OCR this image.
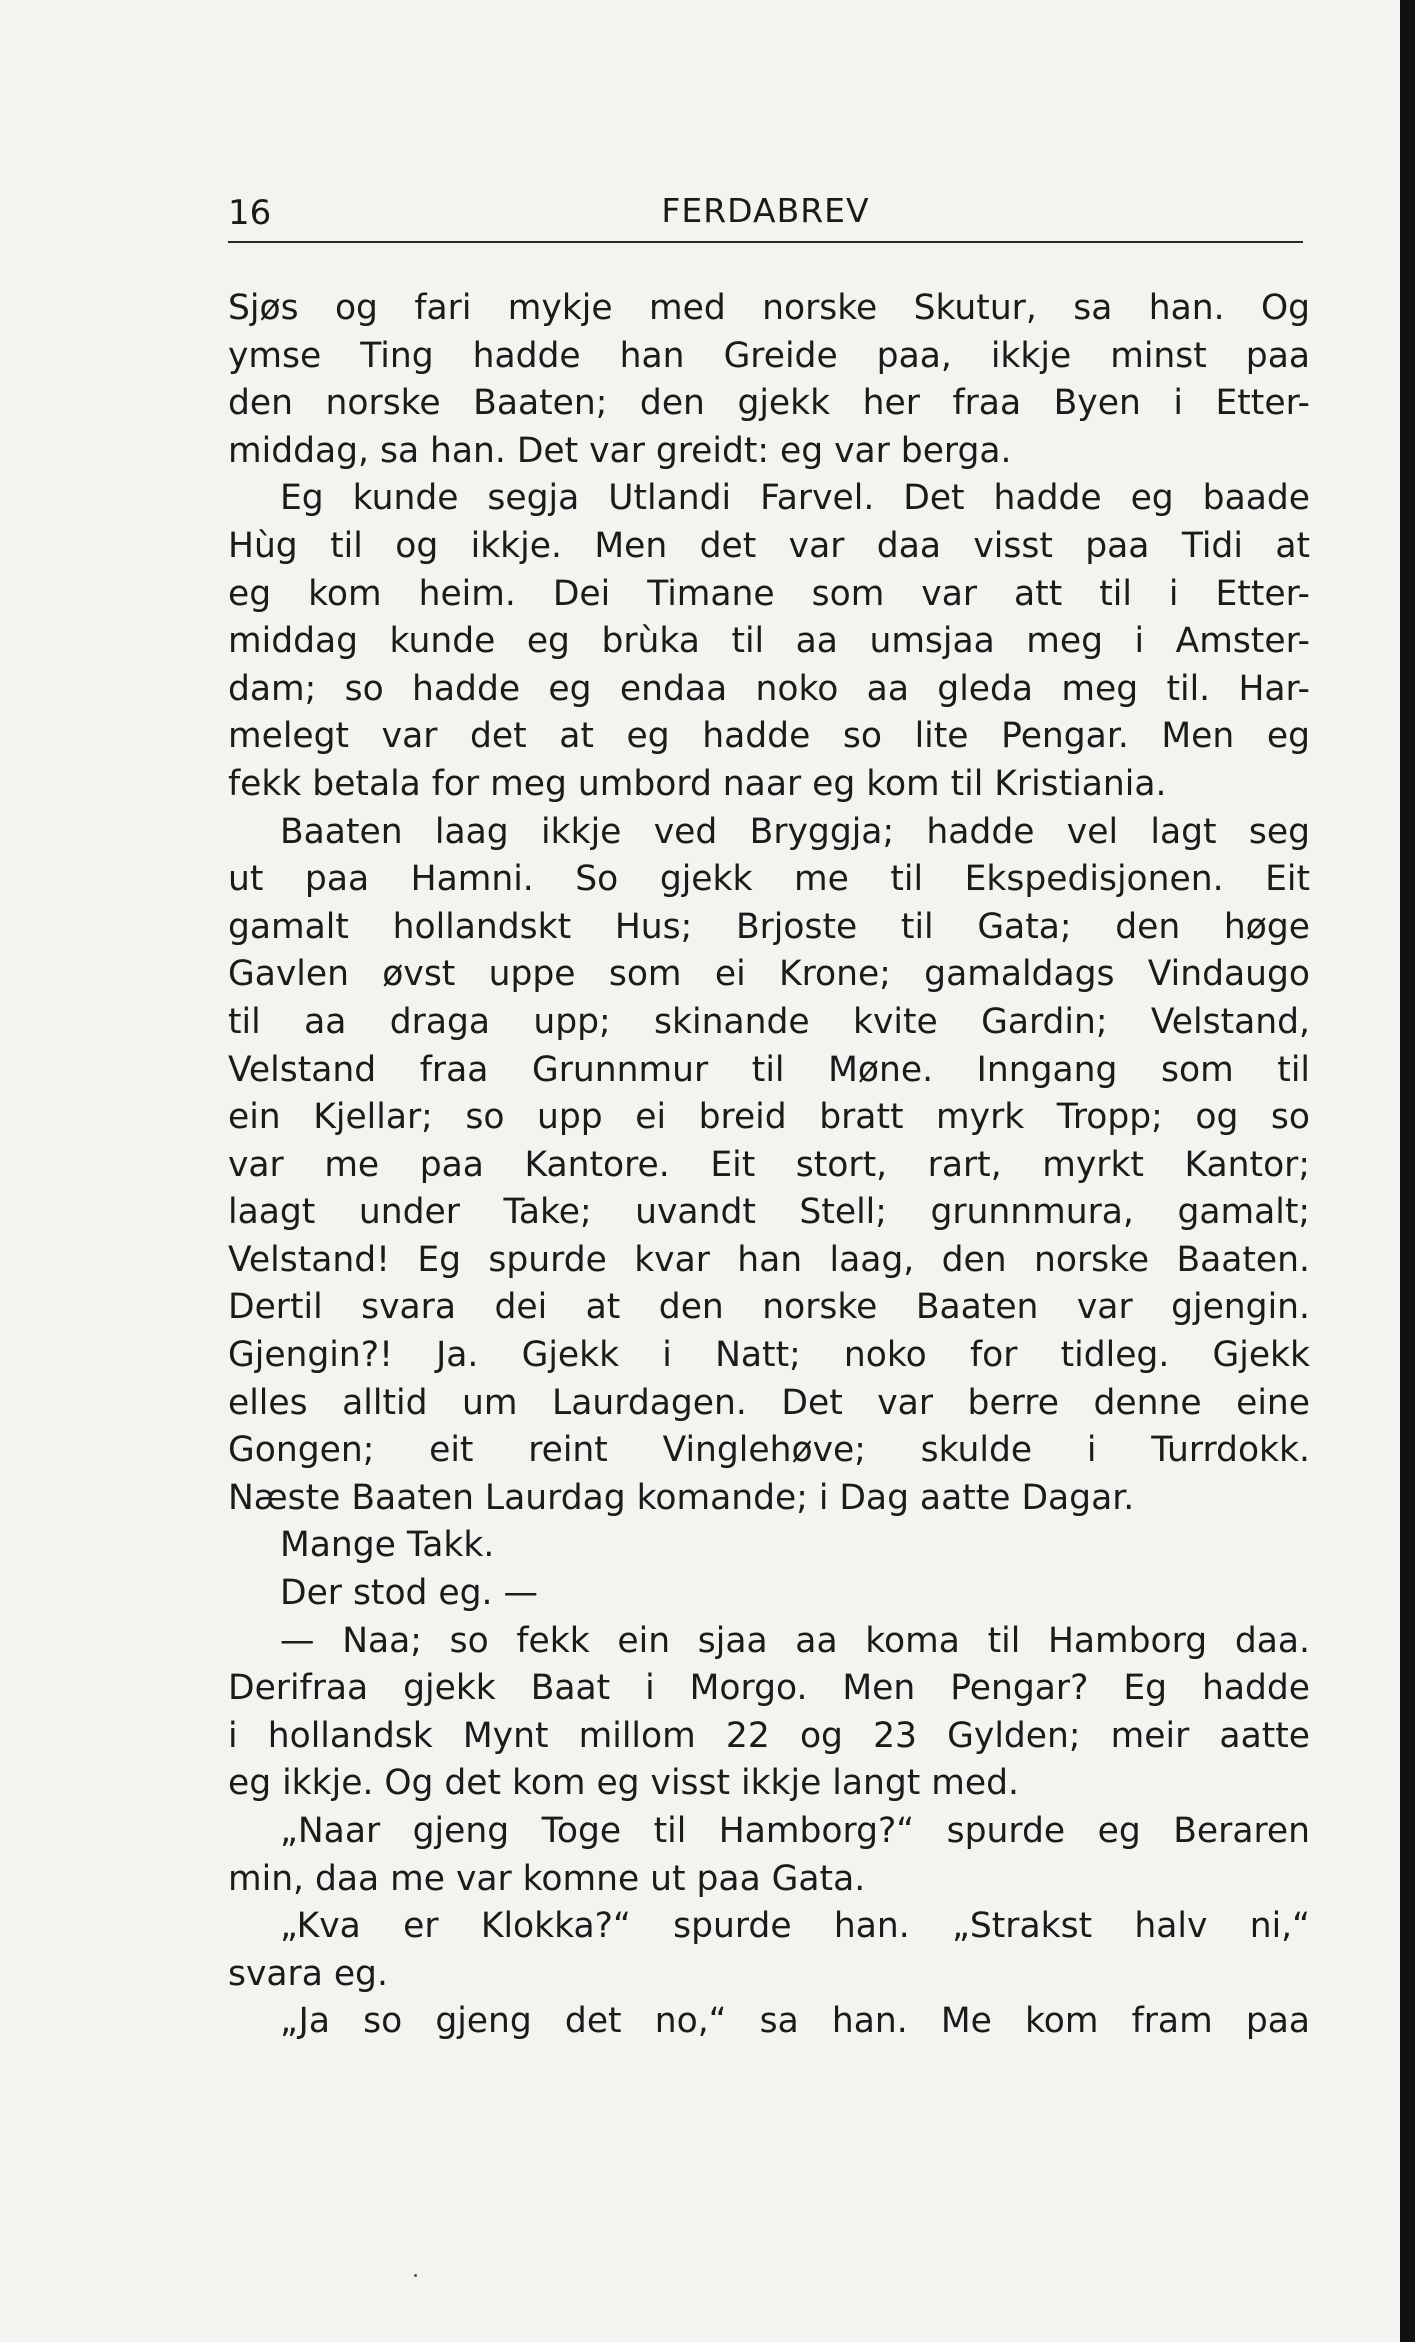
16	FERDABREV
Sjøs og fari mykje med norske Skutur, sa han. Og
ymse Ting hadde han Greide paa, ikkje minst paa
den norske Baaten; den gjekk her fraa Byen i Etter-
middag, sa han. Det var greidt: eg var berga.
Eg kunde segja Utlandi Farvel. Det hadde eg baade
Hùg til og ikkje. Men det var daa visst paa Tidi at
eg kom heim. Dei Timane som var att til i Etter-
middag kunde eg brùka til aa umsjaa meg i Amster-
dam; so hadde eg endaa noko aa gleda meg til. Har-
melegt var det at eg hadde so lite Pengar. Men eg
fekk betala for meg umbord naar eg kom til Kristiania.
Baaten laag ikkje ved Bryggja; hadde vel lagt seg
ut paa Hamni. So gjekk me til Ekspedisjonen. Eit
gamalt hollandskt Hus; Brjoste til Gata; den høge
Gavlen øvst uppe som ei Krone; gamaldags Vindaugo
til aa draga upp; skinande kvite Gardin; Velstand,
Velstand fraa Grunnmur til Møne. Inngang som til
ein Kjellar; so upp ei breid bratt myrk Tropp; og so
var me paa Kantore. Eit stort, rart, myrkt Kantor;
laagt under Take; uvandt Stell; grunnmura, gamalt;
Velstand! Eg spurde kvar han laag, den norske Baaten.
Dertil svara dei at den norske Baaten var gjengin.
Gjengin?! Ja. Gjekk i Natt; noko for tidleg. Gjekk
elles alltid um Laurdagen. Det var berre denne eine
Gongen; eit reint Vinglehøve; skulde i Turrdokk.
Næste Baaten Laurdag komande; i Dag aatte Dagar.
Mange Takk.
Der stod eg. —
— Naa; so fekk ein sjaa aa koma til Hamborg daa.
Derifraa gjekk Baat i Morgo. Men Pengar? Eg hadde
i hollandsk Mynt millom 22 og 23 Gylden; meir aatte
eg ikkje. Og det kom eg visst ikkje langt med.
„Naar gjeng Toge til Hamborg?“ spurde eg Beraren
min, daa me var komne ut paa Gata.
„Kva er Klokka?“ spurde han. „Strakst halv ni,“
svara eg.
„Ja so gjeng det no,“ sa han. Me kom fram paa
